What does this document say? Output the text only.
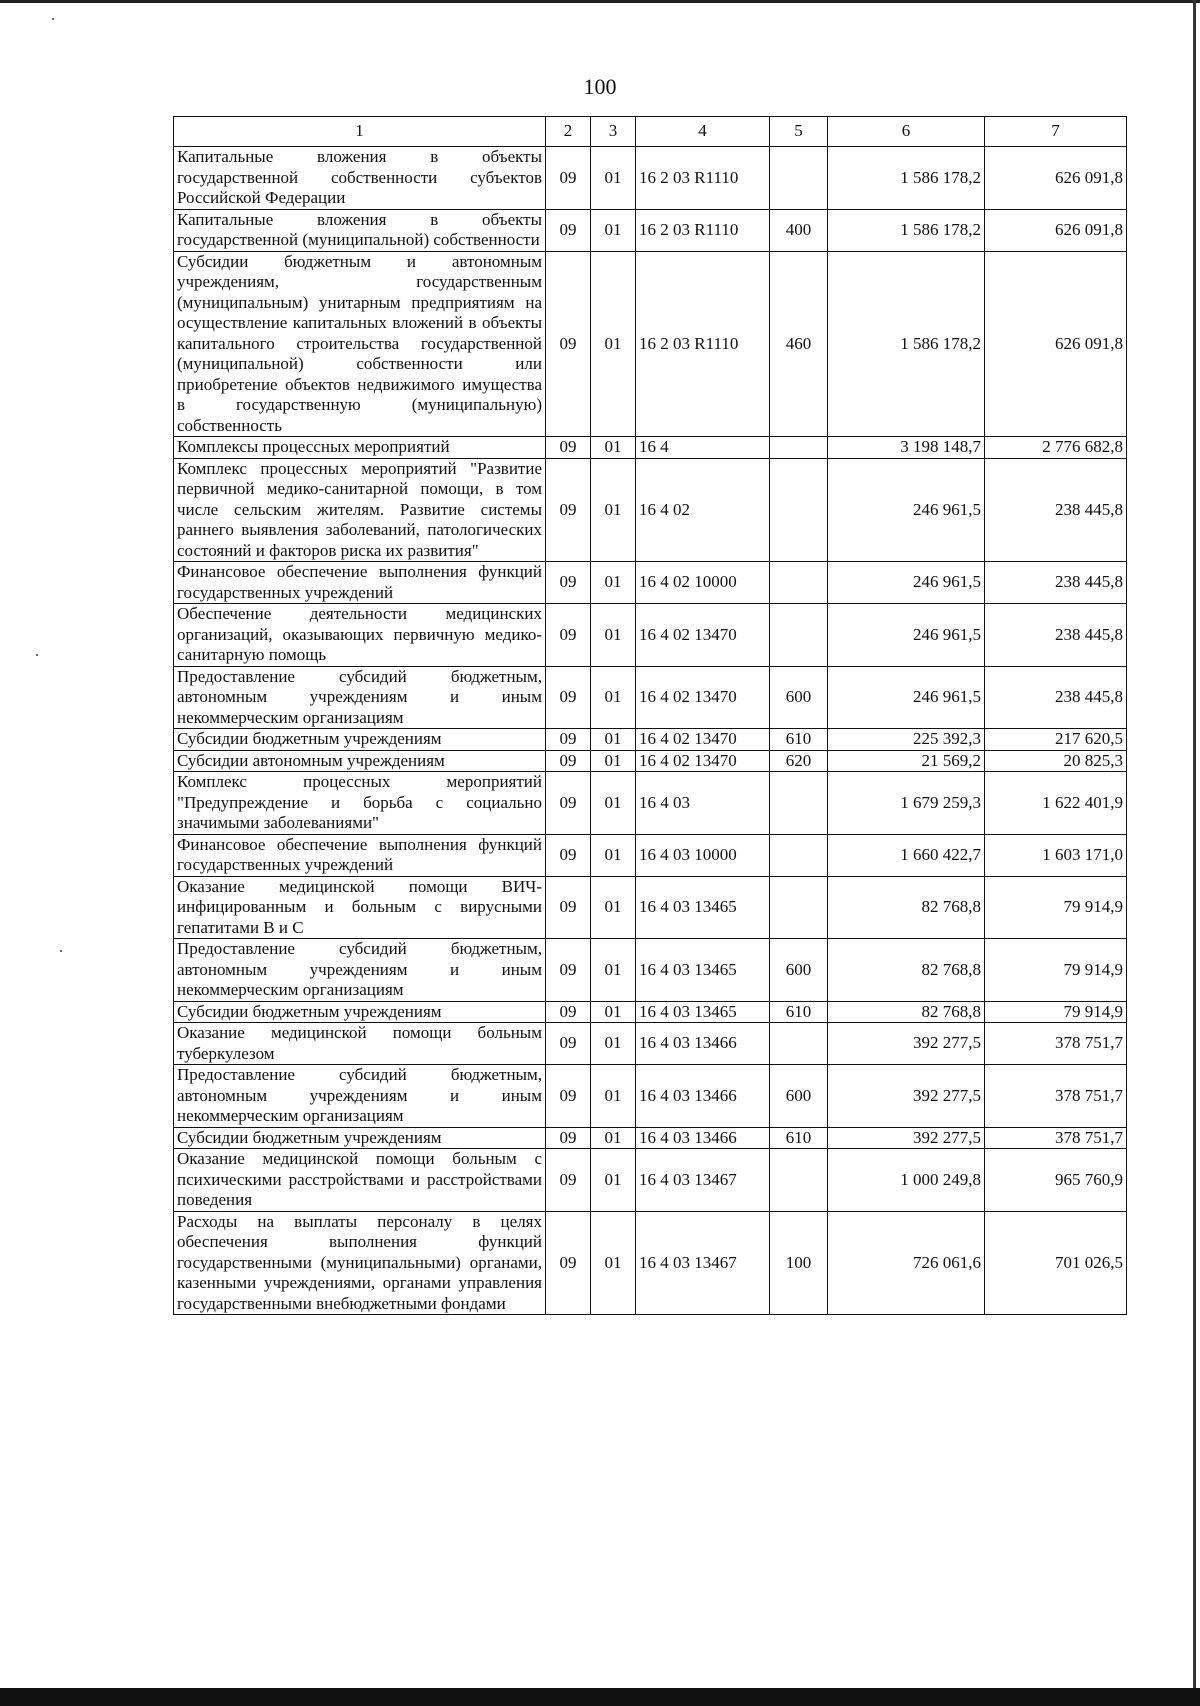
100
1	2	3	4	5	6	7
Капитальные вложения в объекты государственной собственности субъектов Российской Федерации	09	01	16 2 03 R1110		1 586 178,2	626 091,8
Капитальные вложения в объекты государственной (муниципальной) собственности	09	01	16 2 03 R1110	400	1 586 178,2	626 091,8
Субсидии бюджетным и автономным учреждениям, государственным (муниципальным) унитарным предприятиям на осуществление капитальных вложений в объекты капитального строительства государственной (муниципальной) собственности или приобретение объектов недвижимого имущества в государственную (муниципальную) собственность	09	01	16 2 03 R1110	460	1 586 178,2	626 091,8
Комплексы процессных мероприятий	09	01	16 4		3 198 148,7	2 776 682,8
Комплекс процессных мероприятий "Развитие первичной медико-санитарной помощи, в том числе сельским жителям. Развитие системы раннего выявления заболеваний, патологических состояний и факторов риска их развития"	09	01	16 4 02		246 961,5	238 445,8
Финансовое обеспечение выполнения функций государственных учреждений	09	01	16 4 02 10000		246 961,5	238 445,8
Обеспечение деятельности медицинских организаций, оказывающих первичную медико-санитарную помощь	09	01	16 4 02 13470		246 961,5	238 445,8
Предоставление субсидий бюджетным, автономным учреждениям и иным некоммерческим организациям	09	01	16 4 02 13470	600	246 961,5	238 445,8
Субсидии бюджетным учреждениям	09	01	16 4 02 13470	610	225 392,3	217 620,5
Субсидии автономным учреждениям	09	01	16 4 02 13470	620	21 569,2	20 825,3
Комплекс процессных мероприятий "Предупреждение и борьба с социально значимыми заболеваниями"	09	01	16 4 03		1 679 259,3	1 622 401,9
Финансовое обеспечение выполнения функций государственных учреждений	09	01	16 4 03 10000		1 660 422,7	1 603 171,0
Оказание медицинской помощи ВИЧ-инфицированным и больным с вирусными гепатитами В и С	09	01	16 4 03 13465		82 768,8	79 914,9
Предоставление субсидий бюджетным, автономным учреждениям и иным некоммерческим организациям	09	01	16 4 03 13465	600	82 768,8	79 914,9
Субсидии бюджетным учреждениям	09	01	16 4 03 13465	610	82 768,8	79 914,9
Оказание медицинской помощи больным туберкулезом	09	01	16 4 03 13466		392 277,5	378 751,7
Предоставление субсидий бюджетным, автономным учреждениям и иным некоммерческим организациям	09	01	16 4 03 13466	600	392 277,5	378 751,7
Субсидии бюджетным учреждениям	09	01	16 4 03 13466	610	392 277,5	378 751,7
Оказание медицинской помощи больным с психическими расстройствами и расстройствами поведения	09	01	16 4 03 13467		1 000 249,8	965 760,9
Расходы на выплаты персоналу в целях обеспечения выполнения функций государственными (муниципальными) органами, казенными учреждениями, органами управления государственными внебюджетными фондами	09	01	16 4 03 13467	100	726 061,6	701 026,5
